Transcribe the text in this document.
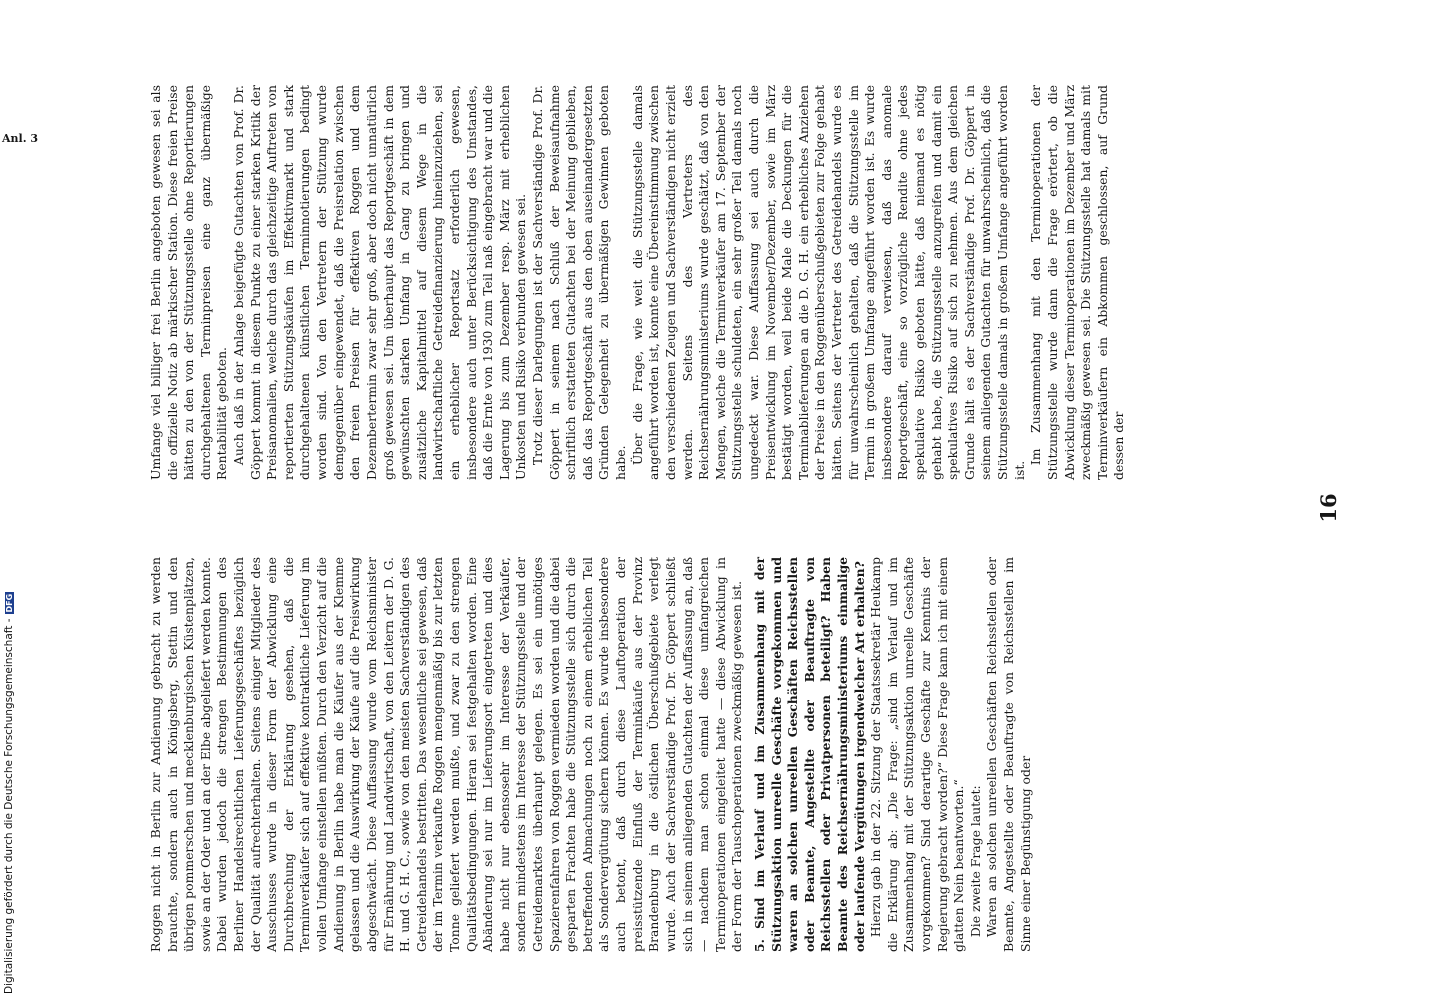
16
Anl. 3	Umfange viel billiger frei Berlin angeboten gewesen sei als die offizielle Notiz ab märkischer Station. Diese freien Preise hätten zu den von der Stützungsstelle ohne Reportierungen durchgehaltenen Terminpreisen eine ganz übermäßige Rentabilität geboten. Auch daß in der Anlage beigefügte Gutachten von Prof. Dr. Göppert kommt in diesem Punkte zu einer starken Kritik der Preisanomalien, welche durch das gleichzeitige Auftreten von reportierten Stützungskäufen im Effektivmarkt und stark durchgehaltenen künstlichen Terminnotierungen bedingt worden sind. Von den Vertretern der Stützung wurde demgegenüber eingewendet, daß die Preisrelation zwischen den freien Preisen für effektiven Roggen und dem Dezembertermin zwar sehr groß, aber doch nicht unnatürlich groß gewesen sei. Um überhaupt das Reportgeschäft in dem gewünschten starken Umfang in Gang zu bringen und zusätzliche Kapitalmittel auf diesem Wege in die landwirtschaftliche Getreidefinanzierung hineinzuziehen, sei ein erheblicher Reportsatz erforderlich gewesen, insbesondere auch unter Berücksichtigung des Umstandes, daß die Ernte von 1930 zum Teil naß eingebracht war und die Lagerung bis zum Dezember resp. März mit erheblichen Unkosten und Risiko verbunden gewesen sei. Trotz dieser Darlegungen ist der Sachverständige Prof. Dr. Göppert in seinem nach Schluß der Beweisaufnahme schriftlich erstatteten Gutachten bei der Meinung geblieben, daß das Reportgeschäft aus den oben auseinandergesetzten Gründen Gelegenheit zu übermäßigen Gewinnen geboten habe. Über die Frage, wie weit die Stützungsstelle damals angeführt worden ist, konnte eine Übereinstimmung zwischen den verschiedenen Zeugen und Sachverständigen nicht erzielt werden. Seitens des Vertreters des Reichsernährungsministeriums wurde geschätzt, daß von den Mengen, welche die Terminverkäufer am 17. September der Stützungsstelle schuldeten, ein sehr großer Teil damals noch ungedeckt war. Diese Auffassung sei auch durch die Preisentwicklung im November/Dezember, sowie im März bestätigt worden, weil beide Male die Deckungen für die Terminablieferungen an die D. G. H. ein erhebliches Anziehen der Preise in den Roggenüberschußgebieten zur Folge gehabt hätten. Seitens der Vertreter des Getreidehandels wurde es für unwahrscheinlich gehalten, daß die Stützungsstelle im Termin in großem Umfange angeführt worden ist. Es wurde insbesondere darauf verwiesen, daß das anomale Reportgeschäft, eine so vorzügliche Rendite ohne jedes spekulative Risiko geboten hätte, daß niemand es nötig gehabt habe, die Stützungsstelle anzugreifen und damit ein spekulatives Risiko auf sich zu nehmen. Aus dem gleichen Grunde hält es der Sachverständige Prof. Dr. Göppert in seinem anliegenden Gutachten für unwahrscheinlich, daß die Stützungsstelle damals in großem Umfange angeführt worden ist.

Im Zusammenhang mit den Terminoperationen der Stützungsstelle wurde dann die Frage erörtert, ob die Abwicklung dieser Terminoperationen im Dezember und März zweckmäßig gewesen sei. Die Stützungsstelle hat damals mit Terminverkäufern ein Abkommen geschlossen, auf Grund dessen der

Roggen nicht in Berlin zur Andienung gebracht zu werden brauchte, sondern auch in Königsberg, Stettin und den übrigen pommerschen und mecklenburgischen Küstenplätzen, sowie an der Oder und an der Elbe abgeliefert werden konnte. Dabei wurden jedoch die strengen Bestimmungen des Berliner Handelsrechtlichen Lieferungsgeschäftes bezüglich der Qualität aufrechterhalten. Seitens einiger Mitglieder des Ausschusses wurde in dieser Form der Abwicklung eine Durchbrechung der Erklärung gesehen, daß die Terminverkäufer sich auf effektive kontraktliche Lieferung im vollen Umfange einstellen müßten. Durch den Verzicht auf die Andienung in Berlin habe man die Käufer aus der Klemme gelassen und die Auswirkung der Käufe auf die Preiswirkung abgeschwächt. Diese Auffassung wurde vom Reichsminister für Ernährung und Landwirtschaft, von den Leitern der D. G. H. und G. H. C., sowie von den meisten Sachverständigen des Getreidehandels bestritten. Das wesentliche sei gewesen, daß der im Termin verkaufte Roggen mengenmäßig bis zur letzten Tonne geliefert werden mußte, und zwar zu den strengen Qualitätsbedingungen. Hieran sei festgehalten worden. Eine Abänderung sei nur im Lieferungsort eingetreten und dies habe nicht nur ebensosehr im Interesse der Verkäufer, sondern mindestens im Interesse der Stützungsstelle und der Getreidemarktes überhaupt gelegen. Es sei ein unnötiges Spazierenfahren von Roggen vermieden worden und die dabei gesparten Frachten habe die Stützungsstelle sich durch die betreffenden Abmachungen noch zu einem erheblichen Teil als Sondervergütung sichern können. Es wurde insbesondere auch betont, daß durch diese Lauftoperation der preisstützende Einfluß der Terminkäufe aus der Provinz Brandenburg in die östlichen Überschußgebiete verlegt wurde. Auch der Sachverständige Prof. Dr. Göppert schließt sich in seinem anliegenden Gutachten der Auffassung an, daß — nachdem man schon einmal diese umfangreichen Terminoperationen eingeleitet hatte — diese Abwicklung in der Form der Tauschoperationen zweckmäßig gewesen ist. 5. Sind im Verlauf und im Zusammenhang mit der Stützungsaktion unreelle Geschäfte vorgekommen und waren an solchen unreellen Geschäften Reichsstellen oder Beamte, Angestellte oder Beauftragte von Reichsstellen oder Privatpersonen beteiligt? Haben Beamte des Reichsernährungsministeriums einmalige oder laufende Vergütungen irgendwelcher Art erhalten? Hierzu gab in der 22. Sitzung der Staatssekretär Heukamp die Erklärung ab: „Die Frage: „sind im Verlauf und im Zusammenhang mit der Stützungsaktion unreelle Geschäfte vorgekommen? Sind derartige Geschäfte zur Kenntnis der Regierung gebracht worden?“ Diese Frage kann ich mit einem glatten Nein beantworten.“ Die zweite Frage lautet: Waren an solchen unreellen Geschäften Reichsstellen oder Beamte, Angestellte oder Beauftragte von Reichsstellen im Sinne einer Begünstigung oder

Digitalisierung gefördert durch die Deutsche Forschungsgemeinschaft -
DFG
